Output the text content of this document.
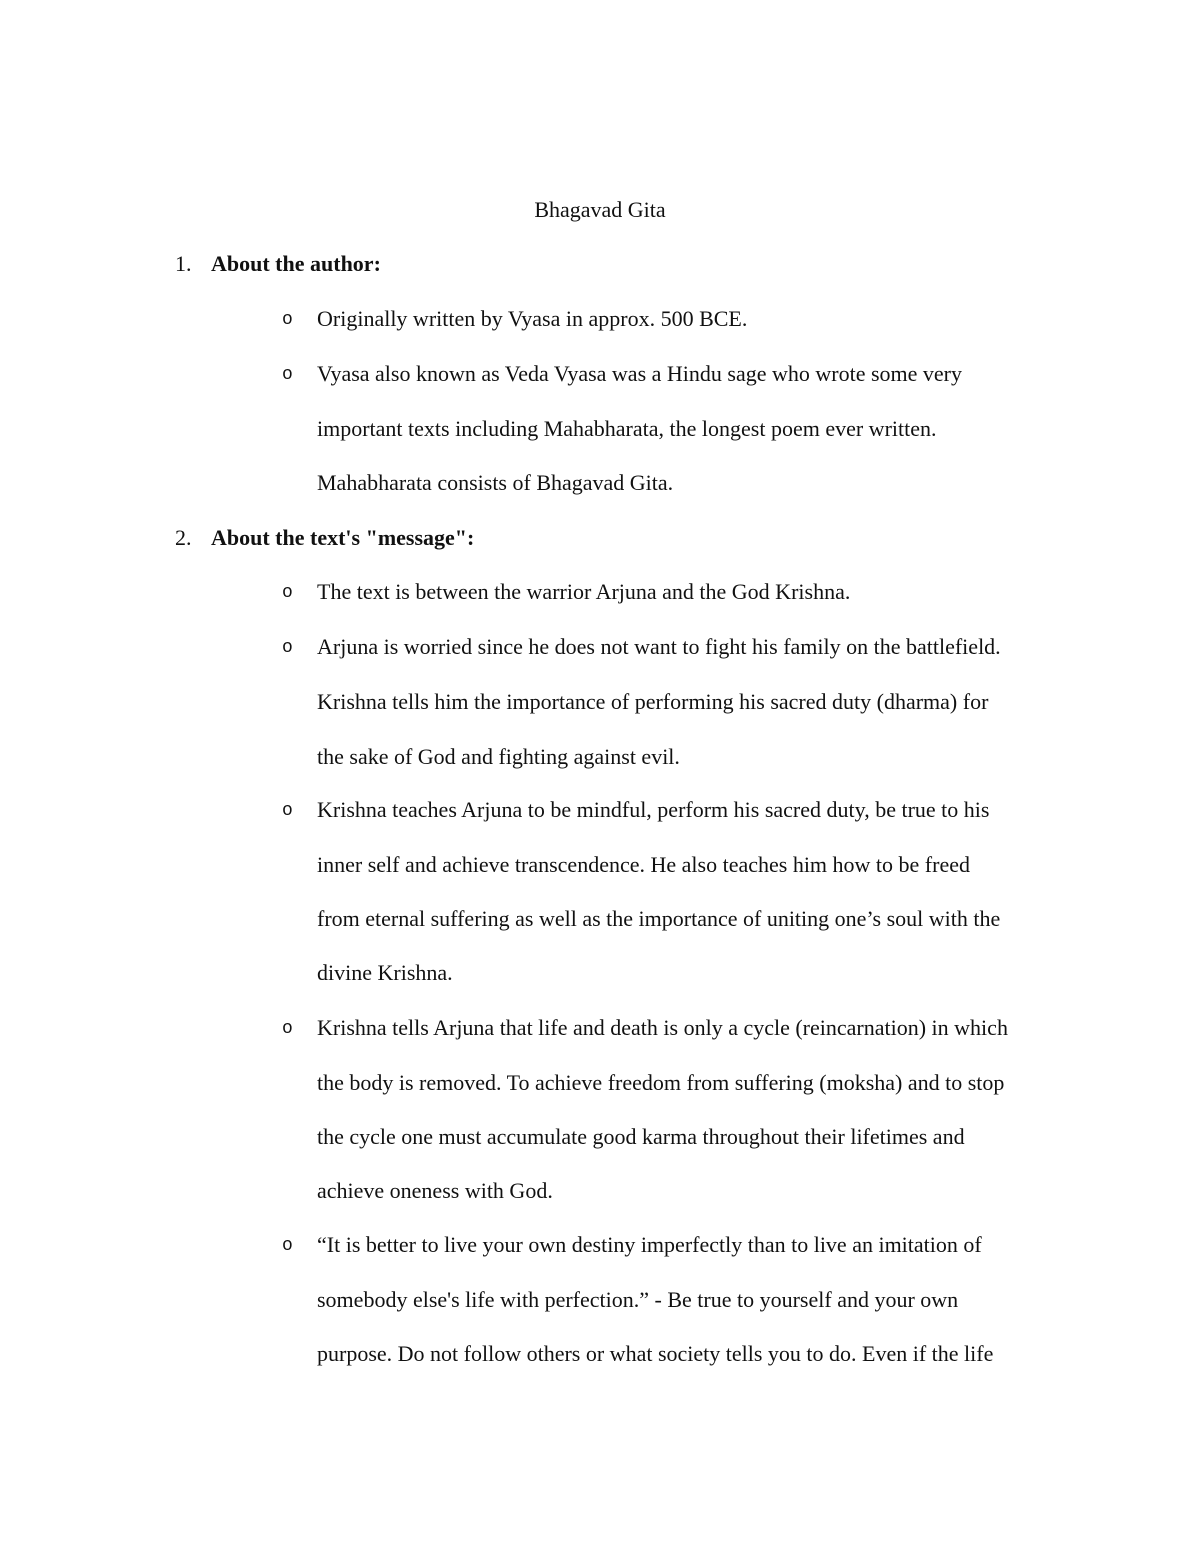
Bhagavad Gita
1. About the author:
o Originally written by Vyasa in approx. 500 BCE.
o Vyasa also known as Veda Vyasa was a Hindu sage who wrote some very
important texts including Mahabharata, the longest poem ever written.
Mahabharata consists of Bhagavad Gita.
2. About the text's "message":
o The text is between the warrior Arjuna and the God Krishna.
o Arjuna is worried since he does not want to fight his family on the battlefield.
Krishna tells him the importance of performing his sacred duty (dharma) for
the sake of God and fighting against evil.
o Krishna teaches Arjuna to be mindful, perform his sacred duty, be true to his
inner self and achieve transcendence. He also teaches him how to be freed
from eternal suffering as well as the importance of uniting one’s soul with the
divine Krishna.
o Krishna tells Arjuna that life and death is only a cycle (reincarnation) in which
the body is removed. To achieve freedom from suffering (moksha) and to stop
the cycle one must accumulate good karma throughout their lifetimes and
achieve oneness with God.
o “It is better to live your own destiny imperfectly than to live an imitation of
somebody else's life with perfection.” - Be true to yourself and your own
purpose. Do not follow others or what society tells you to do. Even if the life
